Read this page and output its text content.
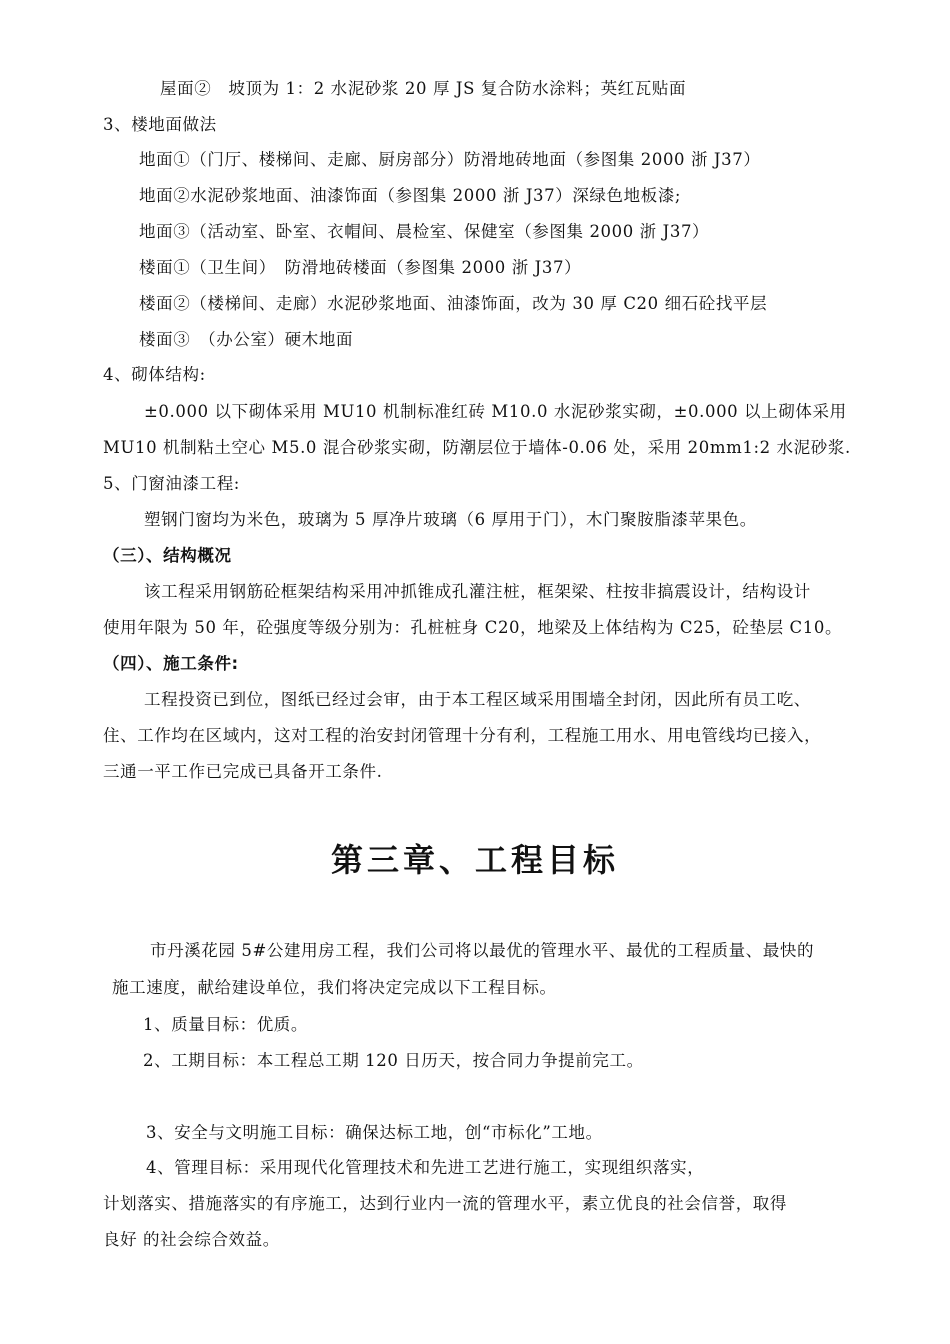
屋面②　坡顶为 1：2 水泥砂浆 20 厚 JS 复合防水涂料；英红瓦贴面
3、楼地面做法
地面①（门厅、楼梯间、走廊、厨房部分）防滑地砖地面（参图集 2000 浙 J37）
地面②水泥砂浆地面、油漆饰面（参图集 2000 浙 J37）深绿色地板漆;
地面③（活动室、卧室、衣帽间、晨检室、保健室（参图集 2000 浙 J37）
楼面①（卫生间）　防滑地砖楼面（参图集 2000 浙 J37）
楼面②（楼梯间、走廊）水泥砂浆地面、油漆饰面，改为 30 厚 C20 细石砼找平层
楼面③　（办公室）硬木地面
4、砌体结构:
±0.000 以下砌体采用 MU10 机制标准红砖 M10.0 水泥砂浆实砌，±0.000 以上砌体采用
MU10 机制粘土空心 M5.0 混合砂浆实砌，防潮层位于墙体-0.06 处，采用 20mm1:2 水泥砂浆.
5、门窗油漆工程:
塑钢门窗均为米色，玻璃为 5 厚净片玻璃（6 厚用于门），木门聚胺脂漆苹果色。
（三）、结构概况
该工程采用钢筋砼框架结构采用冲抓锥成孔灌注桩，框架梁、柱按非搞震设计，结构设计
使用年限为 50 年，砼强度等级分别为：孔桩桩身 C20，地梁及上体结构为 C25，砼垫层 C10。
（四）、施工条件:
工程投资已到位，图纸已经过会审，由于本工程区域采用围墙全封闭，因此所有员工吃、
住、工作均在区域内，这对工程的治安封闭管理十分有利，工程施工用水、用电管线均已接入，
三通一平工作已完成已具备开工条件.
第三章、工程目标
市丹溪花园 5#公建用房工程，我们公司将以最优的管理水平、最优的工程质量、最快的
施工速度，献给建设单位，我们将决定完成以下工程目标。
1、质量目标：优质。
2、工期目标：本工程总工期 120 日历天，按合同力争提前完工。
3、安全与文明施工目标：确保达标工地，创“市标化”工地。
4、管理目标：采用现代化管理技术和先进工艺进行施工，实现组织落实，
计划落实、措施落实的有序施工，达到行业内一流的管理水平，素立优良的社会信誉，取得
良好 的社会综合效益。
